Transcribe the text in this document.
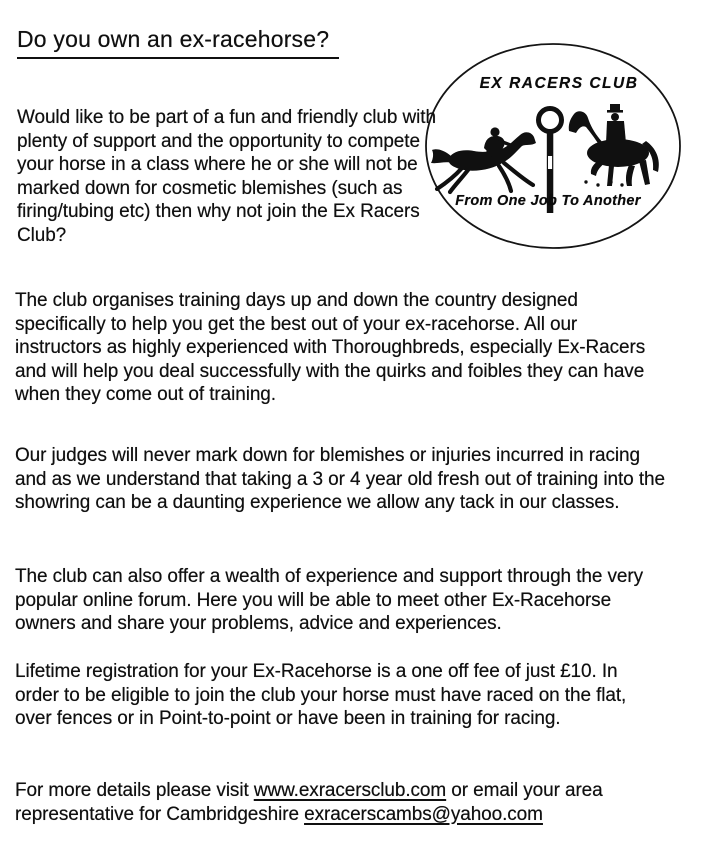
Do you own an ex-racehorse?
EX RACERS CLUB
From One Job To Another

Would like to be part of a fun and friendly club with plenty of support and the opportunity to compete your horse in a class where he or she will not be marked down for cosmetic blemishes (such as firing/tubing etc) then why not join the Ex Racers Club?

The club organises training days up and down the country designed specifically to help you get the best out of your ex-racehorse. All our instructors as highly experienced with Thoroughbreds, especially Ex-Racers and will help you deal successfully with the quirks and foibles they can have when they come out of training.

Our judges will never mark down for blemishes or injuries incurred in racing and as we understand that taking a 3 or 4 year old fresh out of training into the showring can be a daunting experience we allow any tack in our classes.

The club can also offer a wealth of experience and support through the very popular online forum. Here you will be able to meet other Ex-Racehorse owners and share your problems, advice and experiences.

Lifetime registration for your Ex-Racehorse is a one off fee of just £10. In order to be eligible to join the club your horse must have raced on the flat, over fences or in Point-to-point or have been in training for racing.

For more details please visit www.exracersclub.com or email your area representative for Cambridgeshire exracerscambs@yahoo.com
